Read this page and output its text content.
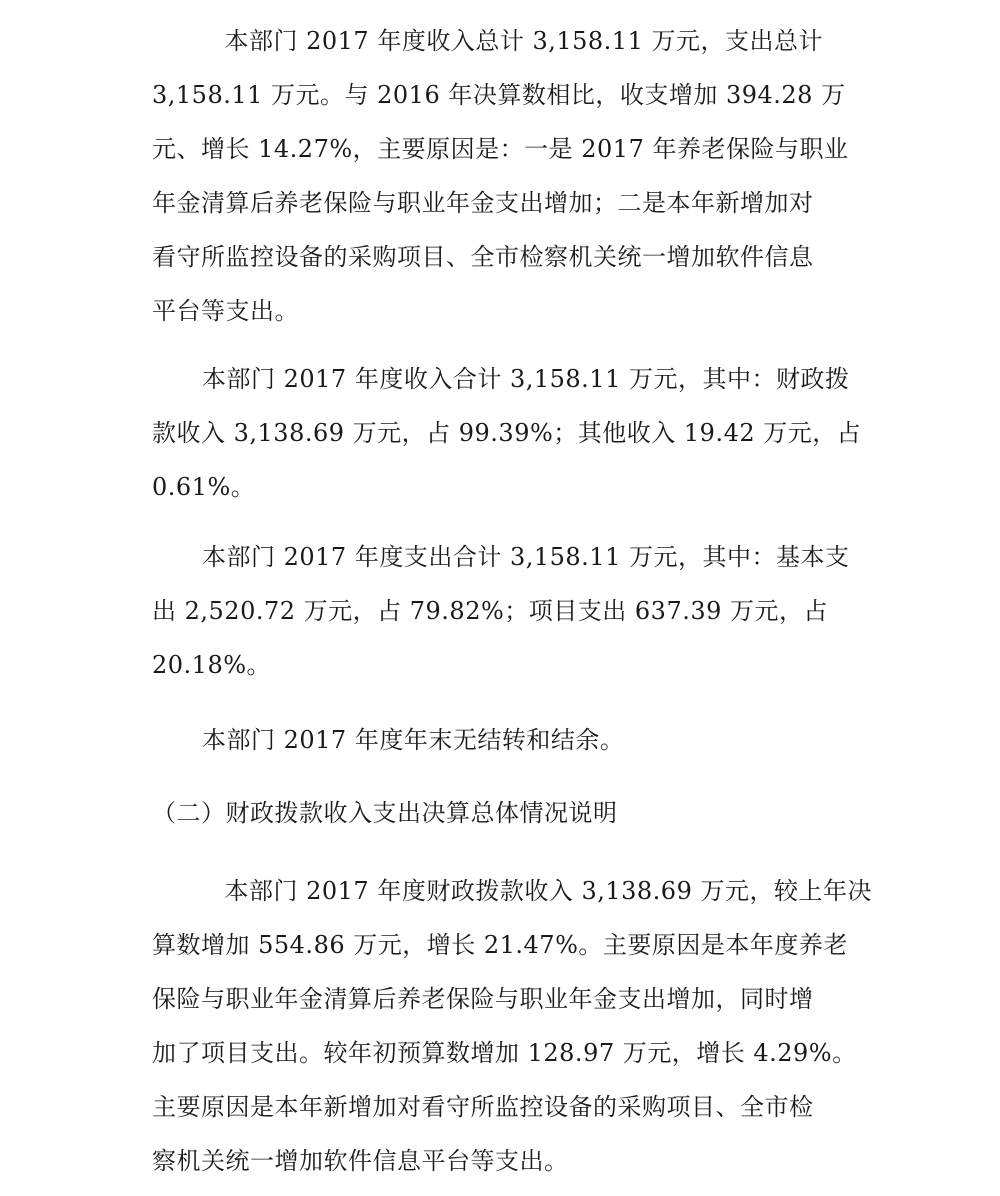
　本部门 2017 年度收入总计 3,158.11 万元，支出总计
3,158.11 万元。与 2016 年决算数相比，收支增加 394.28 万
元、增长 14.27%，主要原因是：一是 2017 年养老保险与职业
年金清算后养老保险与职业年金支出增加；二是本年新增加对
看守所监控设备的采购项目、全市检察机关统一增加软件信息
平台等支出。
本部门 2017 年度收入合计 3,158.11 万元，其中：财政拨
款收入 3,138.69 万元，占 99.39%；其他收入 19.42 万元，占
0.61%。
本部门 2017 年度支出合计 3,158.11 万元，其中：基本支
出 2,520.72 万元，占 79.82%；项目支出 637.39 万元，占
20.18%。
本部门 2017 年度年末无结转和结余。
（二）财政拨款收入支出决算总体情况说明
　本部门 2017 年度财政拨款收入 3,138.69 万元，较上年决
算数增加 554.86 万元，增长 21.47%。主要原因是本年度养老
保险与职业年金清算后养老保险与职业年金支出增加，同时增
加了项目支出。较年初预算数增加 128.97 万元，增长 4.29%。
主要原因是本年新增加对看守所监控设备的采购项目、全市检
察机关统一增加软件信息平台等支出。
